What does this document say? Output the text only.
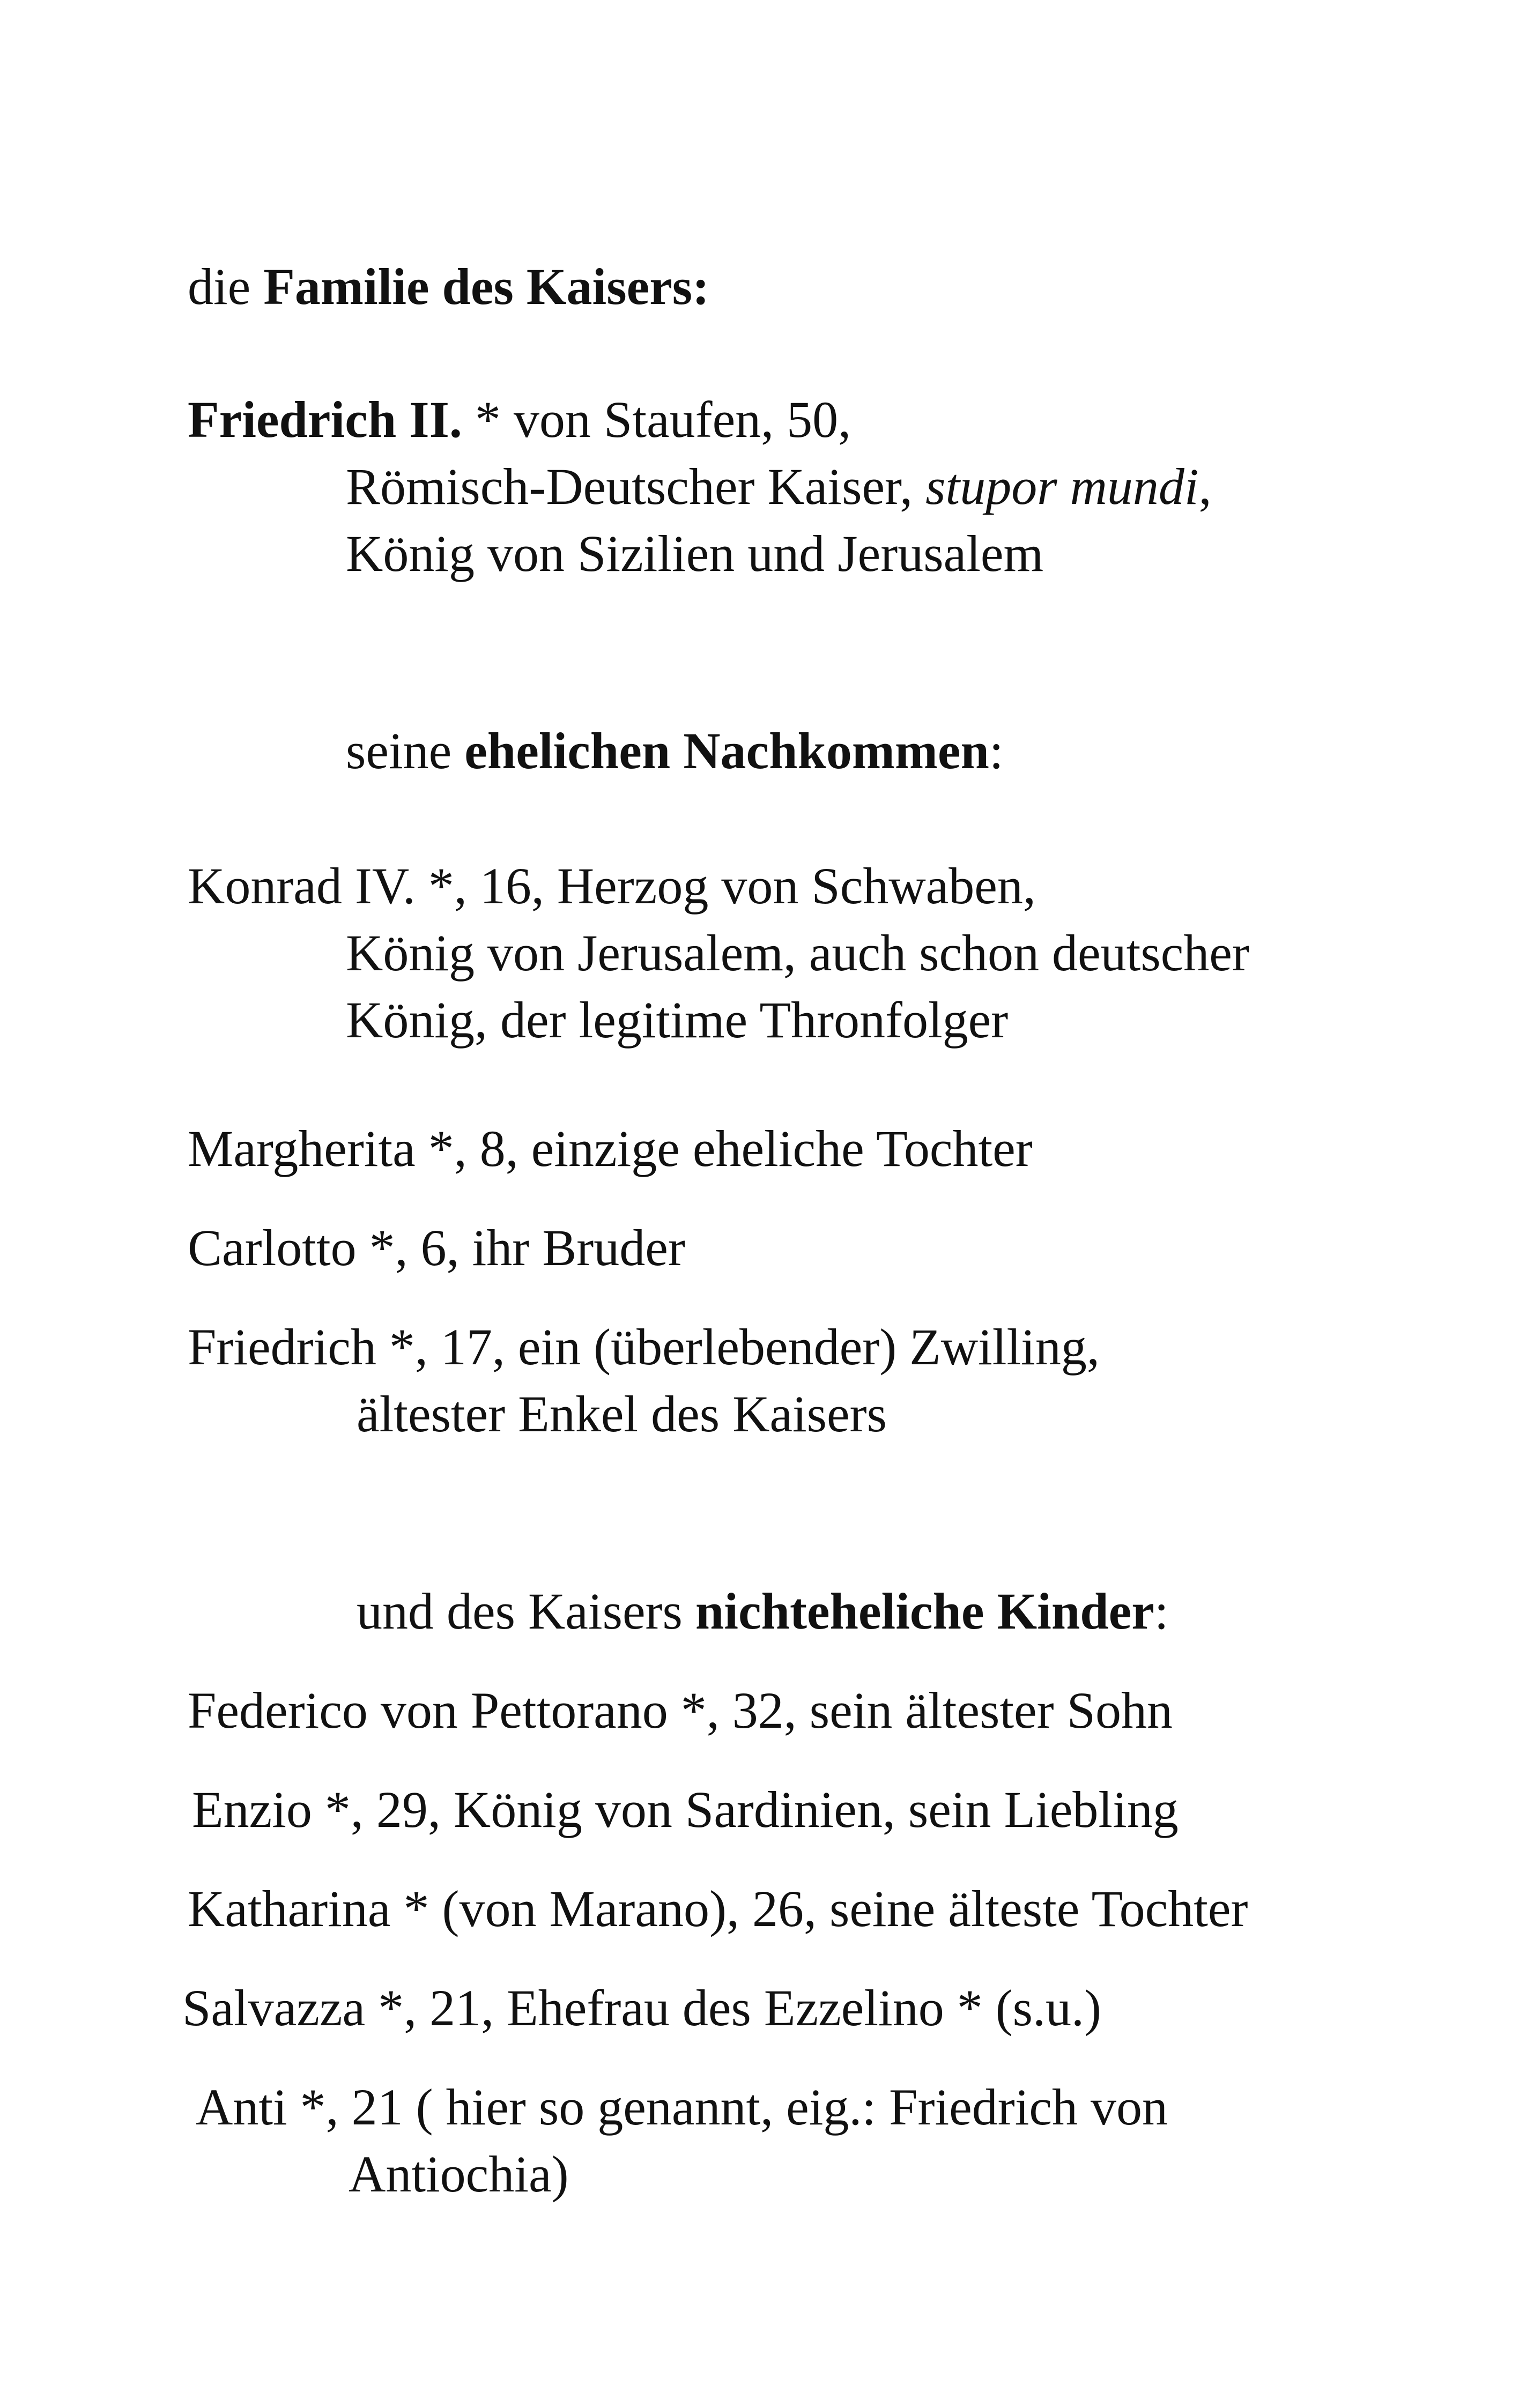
die Familie des Kaisers:
Friedrich II. * von Staufen, 50,
Römisch-Deutscher Kaiser, stupor mundi,
König von Sizilien und Jerusalem
seine ehelichen Nachkommen:
Konrad IV. *, 16, Herzog von Schwaben,
König von Jerusalem, auch schon deutscher
König, der legitime Thronfolger
Margherita *, 8, einzige eheliche Tochter
Carlotto *, 6, ihr Bruder
Friedrich *, 17, ein (überlebender) Zwilling,
ältester Enkel des Kaisers
und des Kaisers nichteheliche Kinder:
Federico von Pettorano *, 32, sein ältester Sohn
Enzio *, 29, König von Sardinien, sein Liebling
Katharina * (von Marano), 26, seine älteste Tochter
Salvazza *, 21, Ehefrau des Ezzelino * (s.u.)
Anti *, 21 ( hier so genannt, eig.: Friedrich von
Antiochia)
